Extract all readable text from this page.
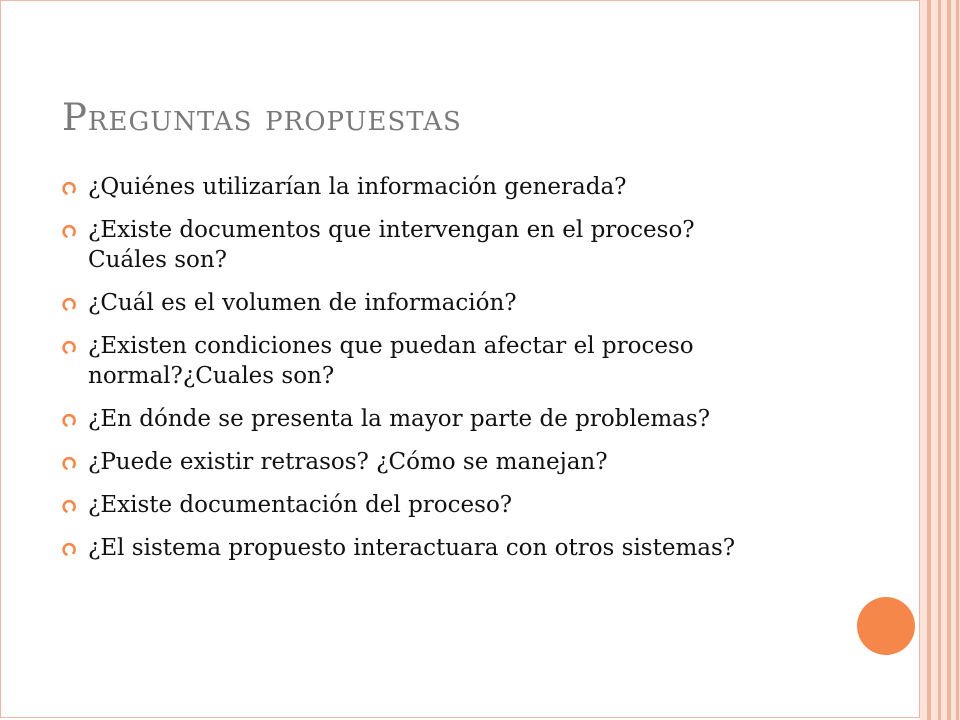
Preguntas propuestas
¿Quiénes utilizarían la información generada?
¿Existe documentos que intervengan en el proceso? Cuáles son?
¿Cuál es el volumen de información?
¿Existen condiciones que puedan afectar el proceso normal?¿Cuales son?
¿En dónde se presenta la mayor parte de problemas?
¿Puede existir retrasos? ¿Cómo se manejan?
¿Existe documentación del proceso?
¿El sistema propuesto interactuara con otros sistemas?
